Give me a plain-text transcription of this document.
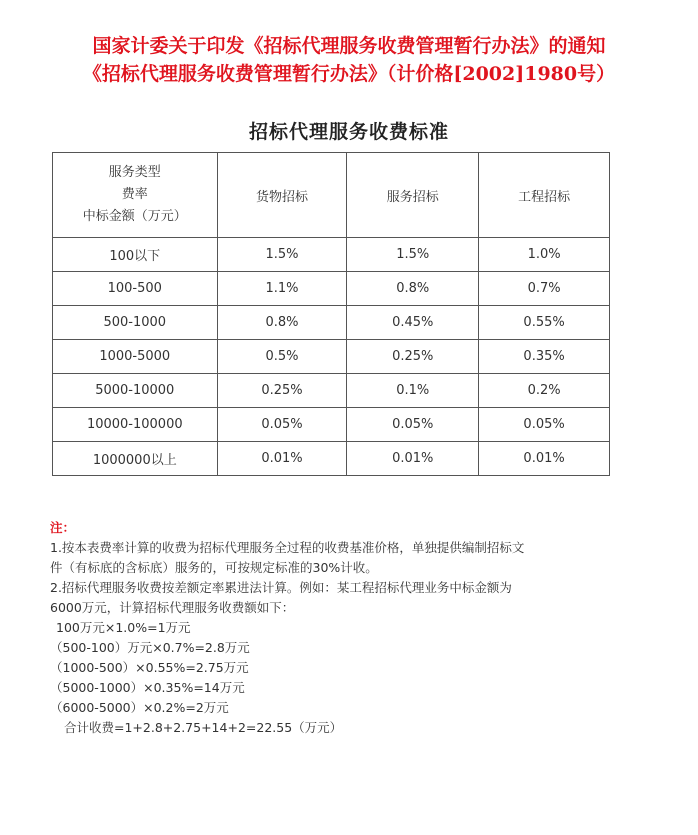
国家计委关于印发《招标代理服务收费管理暂行办法》的通知
《招标代理服务收费管理暂行办法》（计价格[2002]1980号）
招标代理服务收费标准
服务类型
费率
中标金额（万元）	货物招标	服务招标	工程招标
100以下	1.5%	1.5%	1.0%
100-500	1.1%	0.8%	0.7%
500-1000	0.8%	0.45%	0.55%
1000-5000	0.5%	0.25%	0.35%
5000-10000	0.25%	0.1%	0.2%
10000-100000	0.05%	0.05%	0.05%
1000000以上	0.01%	0.01%	0.01%

注：

1.按本表费率计算的收费为招标代理服务全过程的收费基准价格，单独提供编制招标文

件（有标底的含标底）服务的，可按规定标准的30%计收。

2.招标代理服务收费按差额定率累进法计算。例如：某工程招标代理业务中标金额为

6000万元，计算招标代理服务收费额如下：

100万元×1.0%=1万元

（500-100）万元×0.7%=2.8万元

（1000-500）×0.55%=2.75万元

（5000-1000）×0.35%=14万元

（6000-5000）×0.2%=2万元

合计收费=1+2.8+2.75+14+2=22.55（万元）
